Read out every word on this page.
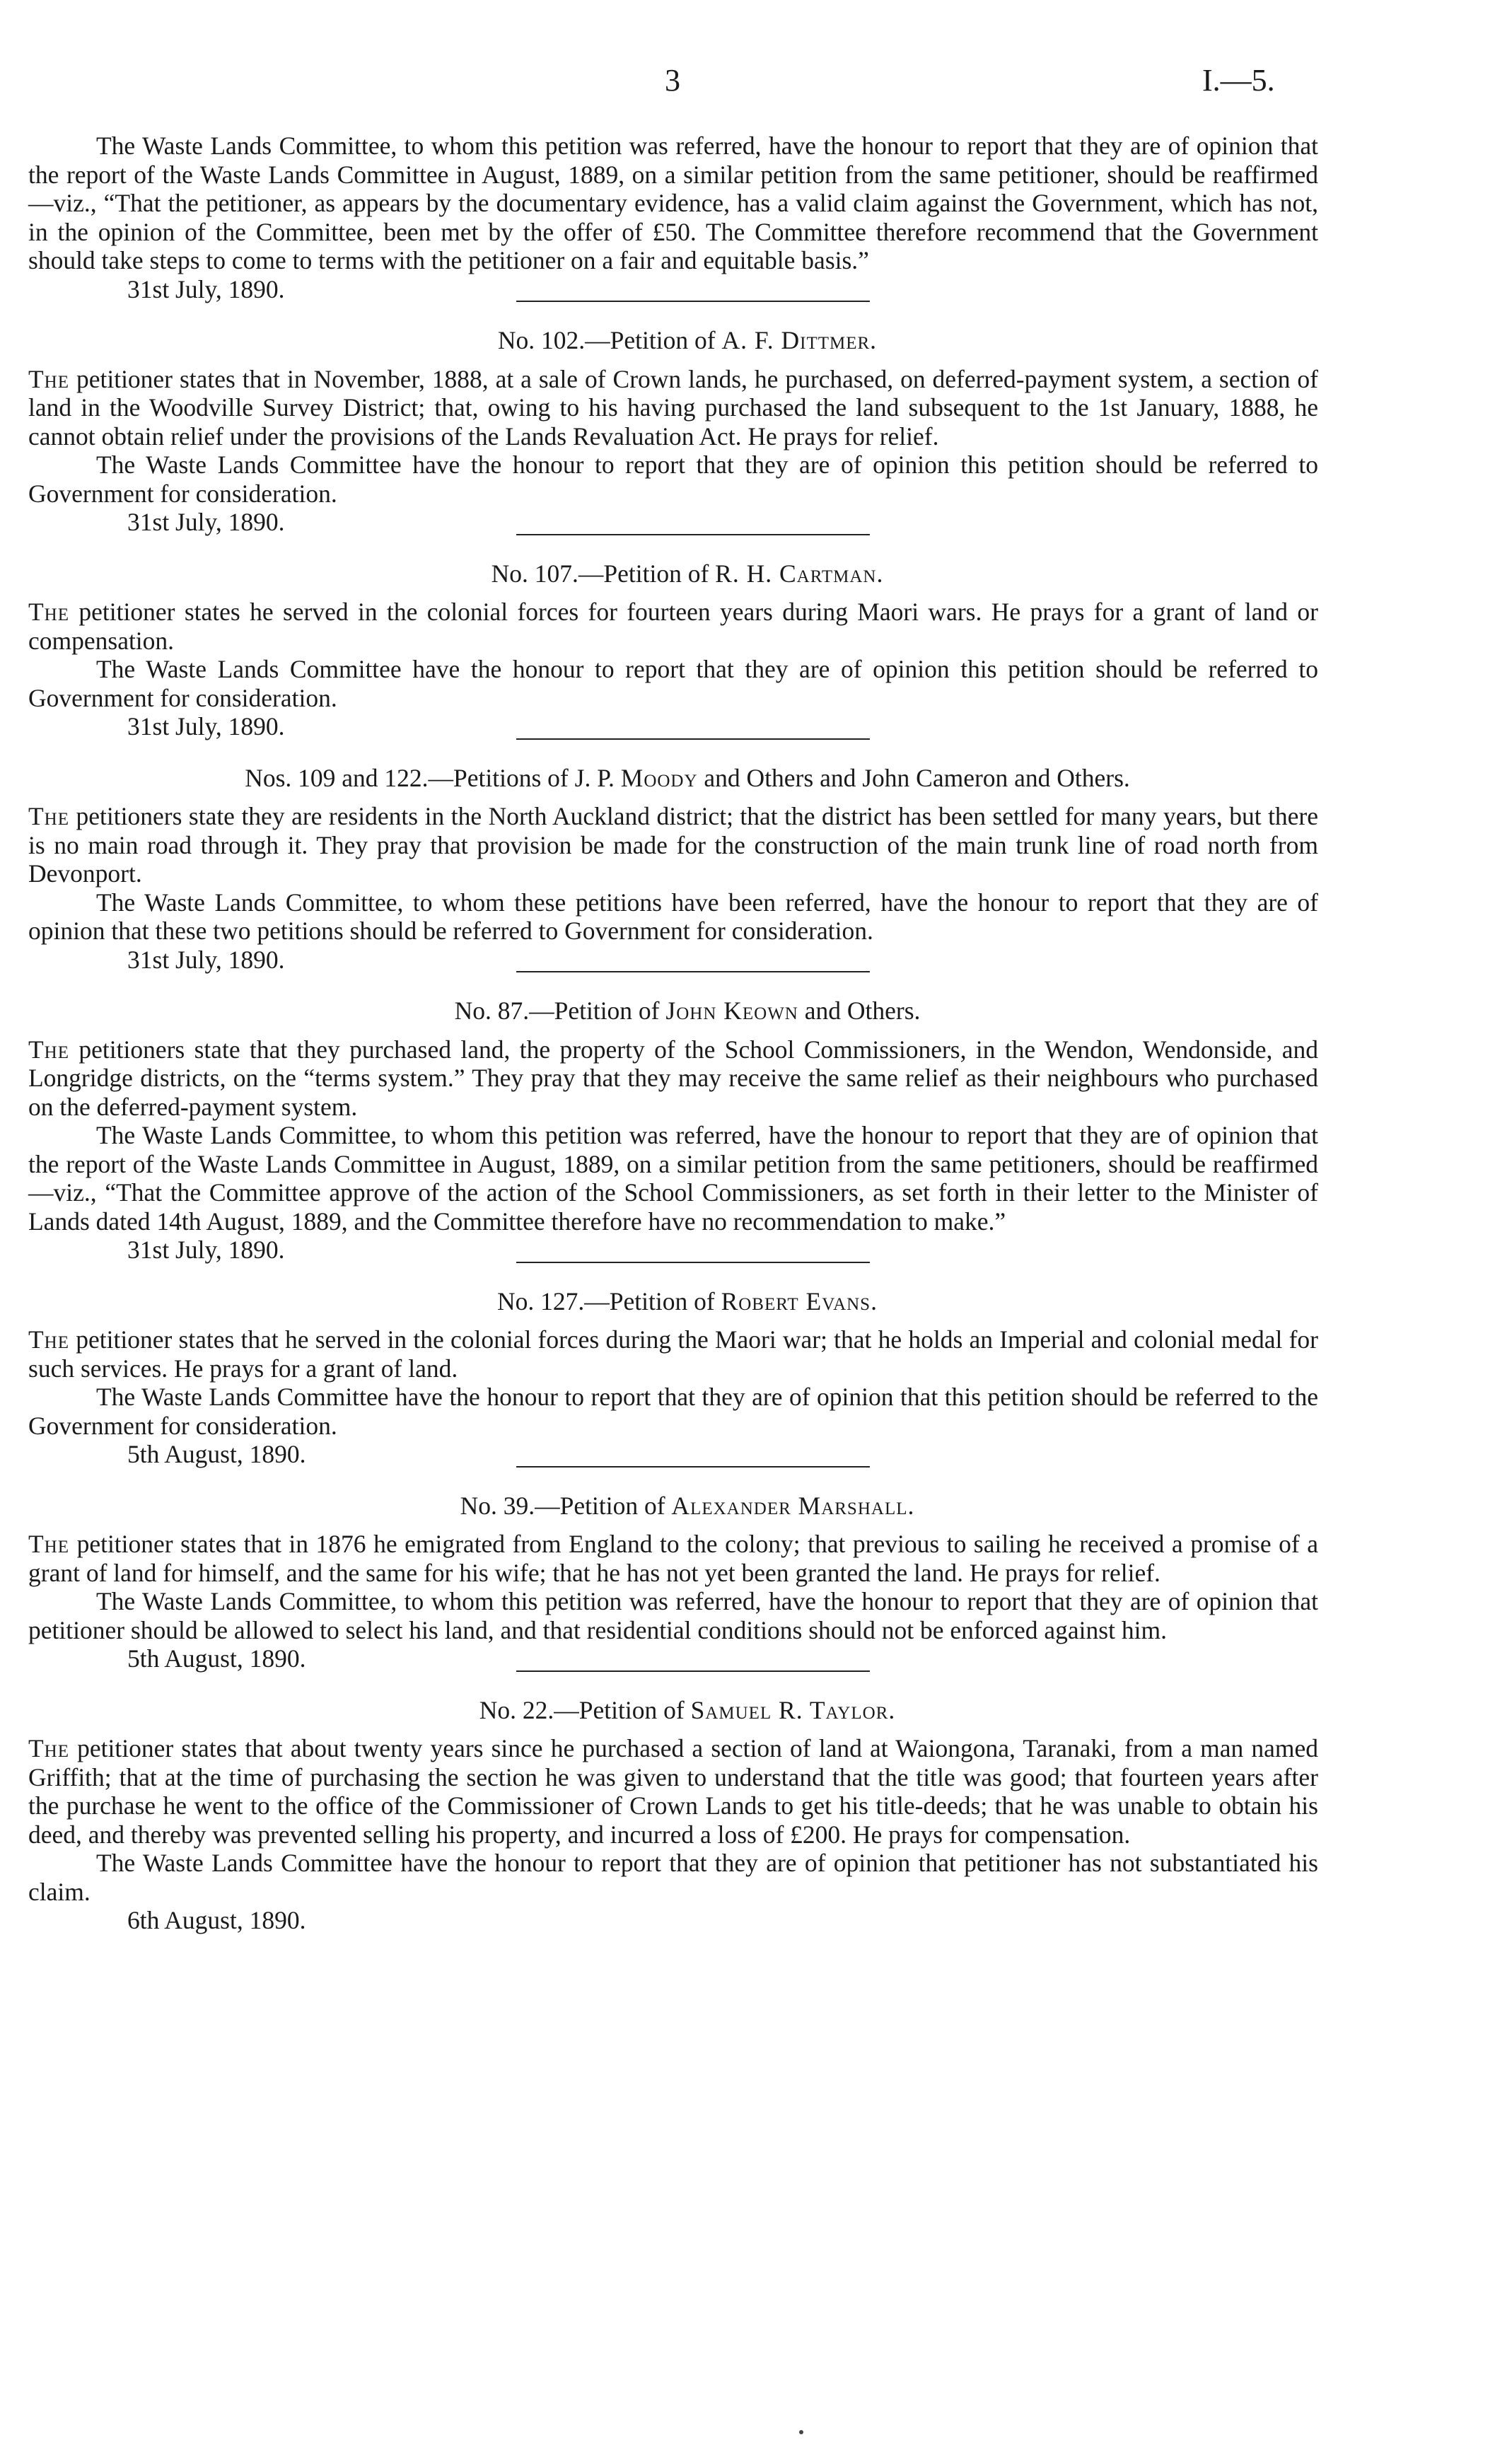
3	I.—5.

The Waste Lands Committee, to whom this petition was referred, have the honour to report that they are of opinion that the report of the Waste Lands Committee in August, 1889, on a similar petition from the same petitioner, should be reaffirmed—viz., “That the petitioner, as appears by the documentary evidence, has a valid claim against the Government, which has not, in the opinion of the Committee, been met by the offer of £50. The Committee therefore recommend that the Government should take steps to come to terms with the petitioner on a fair and equitable basis.”

31st July, 1890.

No. 102.—Petition of A. F. Dittmer.

The petitioner states that in November, 1888, at a sale of Crown lands, he purchased, on deferred-payment system, a section of land in the Woodville Survey District; that, owing to his having purchased the land subsequent to the 1st January, 1888, he cannot obtain relief under the provisions of the Lands Revaluation Act. He prays for relief.

The Waste Lands Committee have the honour to report that they are of opinion this petition should be referred to Government for consideration.

31st July, 1890.

No. 107.—Petition of R. H. Cartman.

The petitioner states he served in the colonial forces for fourteen years during Maori wars. He prays for a grant of land or compensation.

The Waste Lands Committee have the honour to report that they are of opinion this petition should be referred to Government for consideration.

31st July, 1890.

Nos. 109 and 122.—Petitions of J. P. Moody and Others and John Cameron and Others.

The petitioners state they are residents in the North Auckland district; that the district has been settled for many years, but there is no main road through it. They pray that provision be made for the construction of the main trunk line of road north from Devonport.

The Waste Lands Committee, to whom these petitions have been referred, have the honour to report that they are of opinion that these two petitions should be referred to Government for consideration.

31st July, 1890.

No. 87.—Petition of John Keown and Others.

The petitioners state that they purchased land, the property of the School Commissioners, in the Wendon, Wendonside, and Longridge districts, on the “terms system.” They pray that they may receive the same relief as their neighbours who purchased on the deferred-payment system.

The Waste Lands Committee, to whom this petition was referred, have the honour to report that they are of opinion that the report of the Waste Lands Committee in August, 1889, on a similar petition from the same petitioners, should be reaffirmed—viz., “That the Committee approve of the action of the School Commissioners, as set forth in their letter to the Minister of Lands dated 14th August, 1889, and the Committee therefore have no recommendation to make.”

31st July, 1890.

No. 127.—Petition of Robert Evans.

The petitioner states that he served in the colonial forces during the Maori war; that he holds an Imperial and colonial medal for such services. He prays for a grant of land.

The Waste Lands Committee have the honour to report that they are of opinion that this petition should be referred to the Government for consideration.

5th August, 1890.

No. 39.—Petition of Alexander Marshall.

The petitioner states that in 1876 he emigrated from England to the colony; that previous to sailing he received a promise of a grant of land for himself, and the same for his wife; that he has not yet been granted the land. He prays for relief.

The Waste Lands Committee, to whom this petition was referred, have the honour to report that they are of opinion that petitioner should be allowed to select his land, and that residential conditions should not be enforced against him.

5th August, 1890.

No. 22.—Petition of Samuel R. Taylor.

The petitioner states that about twenty years since he purchased a section of land at Waiongona, Taranaki, from a man named Griffith; that at the time of purchasing the section he was given to understand that the title was good; that fourteen years after the purchase he went to the office of the Commissioner of Crown Lands to get his title-deeds; that he was unable to obtain his deed, and thereby was prevented selling his property, and incurred a loss of £200. He prays for compensation.

The Waste Lands Committee have the honour to report that they are of opinion that petitioner has not substantiated his claim.

6th August, 1890.
